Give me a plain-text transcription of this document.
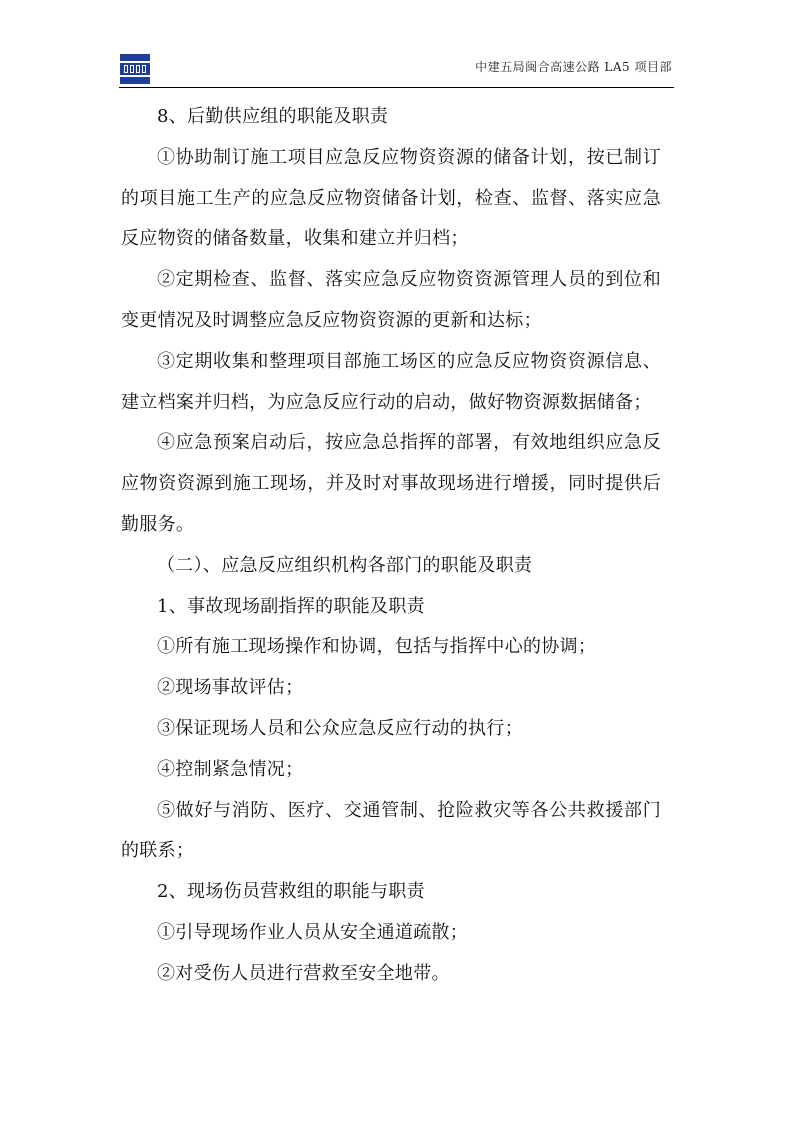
中建五局闽合高速公路 LA5 项目部

8、后勤供应组的职能及职责

①协助制订施工项目应急反应物资资源的储备计划，按已制订的项目施工生产的应急反应物资储备计划，检查、监督、落实应急反应物资的储备数量，收集和建立并归档；

②定期检查、监督、落实应急反应物资资源管理人员的到位和变更情况及时调整应急反应物资资源的更新和达标；

③定期收集和整理项目部施工场区的应急反应物资资源信息、建立档案并归档，为应急反应行动的启动，做好物资源数据储备；

④应急预案启动后，按应急总指挥的部署，有效地组织应急反应物资资源到施工现场，并及时对事故现场进行增援，同时提供后勤服务。

（二）、应急反应组织机构各部门的职能及职责

1、事故现场副指挥的职能及职责

①所有施工现场操作和协调，包括与指挥中心的协调；

②现场事故评估；

③保证现场人员和公众应急反应行动的执行；

④控制紧急情况；

⑤做好与消防、医疗、交通管制、抢险救灾等各公共救援部门的联系；

2、现场伤员营救组的职能与职责

①引导现场作业人员从安全通道疏散；

②对受伤人员进行营救至安全地带。
